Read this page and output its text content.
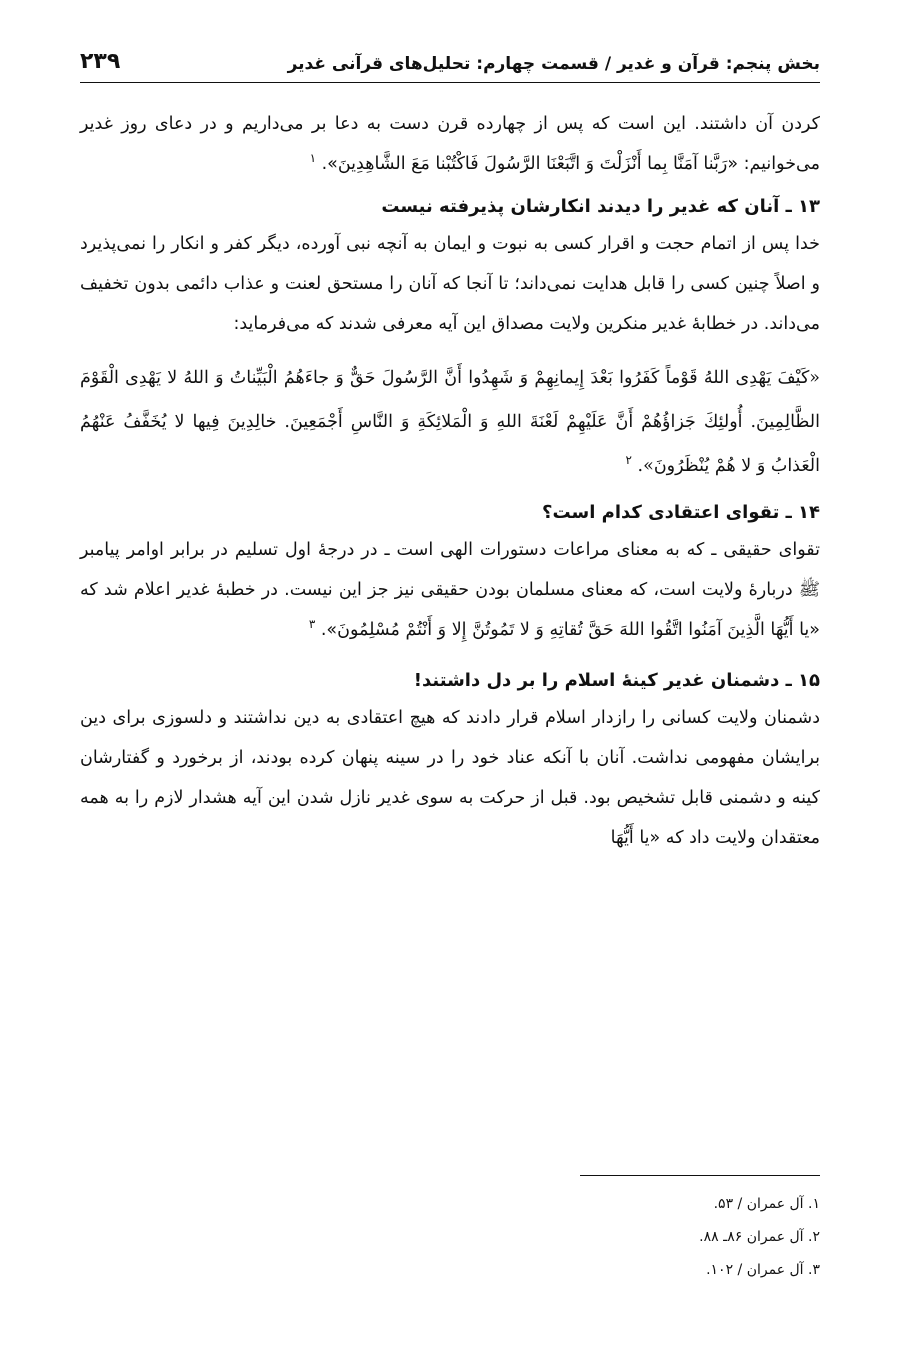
بخش پنجم: قرآن و غدیر / قسمت چهارم: تحلیل‌های قرآنی غدیر
۲۳۹

کردن آن داشتند. این است که پس از چهارده قرن دست به دعا بر می‌داریم و در دعای روز غدیر می‌خوانیم: «رَبَّنا آمَنَّا بِما أَنْزَلْتَ وَ اتَّبَعْنَا الرَّسُولَ فَاكْتُبْنا مَعَ الشَّاهِدِينَ». $^۱$

۱۳ ـ آنان که غدیر را دیدند انکارشان پذیرفته نیست

خدا پس از اتمام حجت و اقرار کسی به نبوت و ایمان به آنچه نبی آورده، دیگر کفر و انکار را نمی‌پذیرد و اصلاً چنین کسی را قابل هدایت نمی‌داند؛ تا آنجا که آنان را مستحق لعنت و عذاب دائمی بدون تخفیف می‌داند. در خطابهٔ غدیر منکرین ولایت مصداق این آیه معرفی شدند که می‌فرماید:

«كَيْفَ يَهْدِى اللهُ قَوْماً كَفَرُوا بَعْدَ إِيمانِهِمْ وَ شَهِدُوا أَنَّ الرَّسُولَ حَقٌّ وَ جاءَهُمُ الْبَيِّناتُ وَ اللهُ لا يَهْدِى الْقَوْمَ الظَّالِمِينَ. أُولئِكَ جَزاؤُهُمْ أَنَّ عَلَيْهِمْ لَعْنَةَ اللهِ وَ الْمَلائِكَةِ وَ النَّاسِ أَجْمَعِينَ. خالِدِينَ فِيها لا يُخَفَّفُ عَنْهُمُ الْعَذابُ وَ لا هُمْ يُنْظَرُونَ». $^۲$

۱۴ ـ تقوای اعتقادی کدام است؟

تقوای حقیقی ـ که به معنای مراعات دستورات الهی است ـ در درجهٔ اول تسلیم در برابر اوامر پیامبر ﷺ دربارهٔ ولایت است، که معنای مسلمان بودن حقیقی نیز جز این نیست. در خطبهٔ غدیر اعلام شد که «يا أَيُّهَا الَّذِينَ آمَنُوا اتَّقُوا اللهَ حَقَّ تُقاتِهِ وَ لا تَمُوتُنَّ إِلا وَ أَنْتُمْ مُسْلِمُونَ». $^۳$

۱۵ ـ دشمنان غدیر کینهٔ اسلام را بر دل داشتند!

دشمنان ولایت کسانی را رازدار اسلام قرار دادند که هیچ اعتقادی به دین نداشتند و دلسوزی برای دین برایشان مفهومی نداشت. آنان با آنکه عناد خود را در سینه پنهان کرده بودند، از برخورد و گفتارشان کینه و دشمنی قابل تشخیص بود. قبل از حرکت به سوی غدیر نازل شدن این آیه هشدار لازم را به همه معتقدان ولایت داد که «يا أَيُّهَا

۱. آل عمران / ۵۳.
۲. آل عمران ۸۶ـ ۸۸.
۳. آل عمران / ۱۰۲.
